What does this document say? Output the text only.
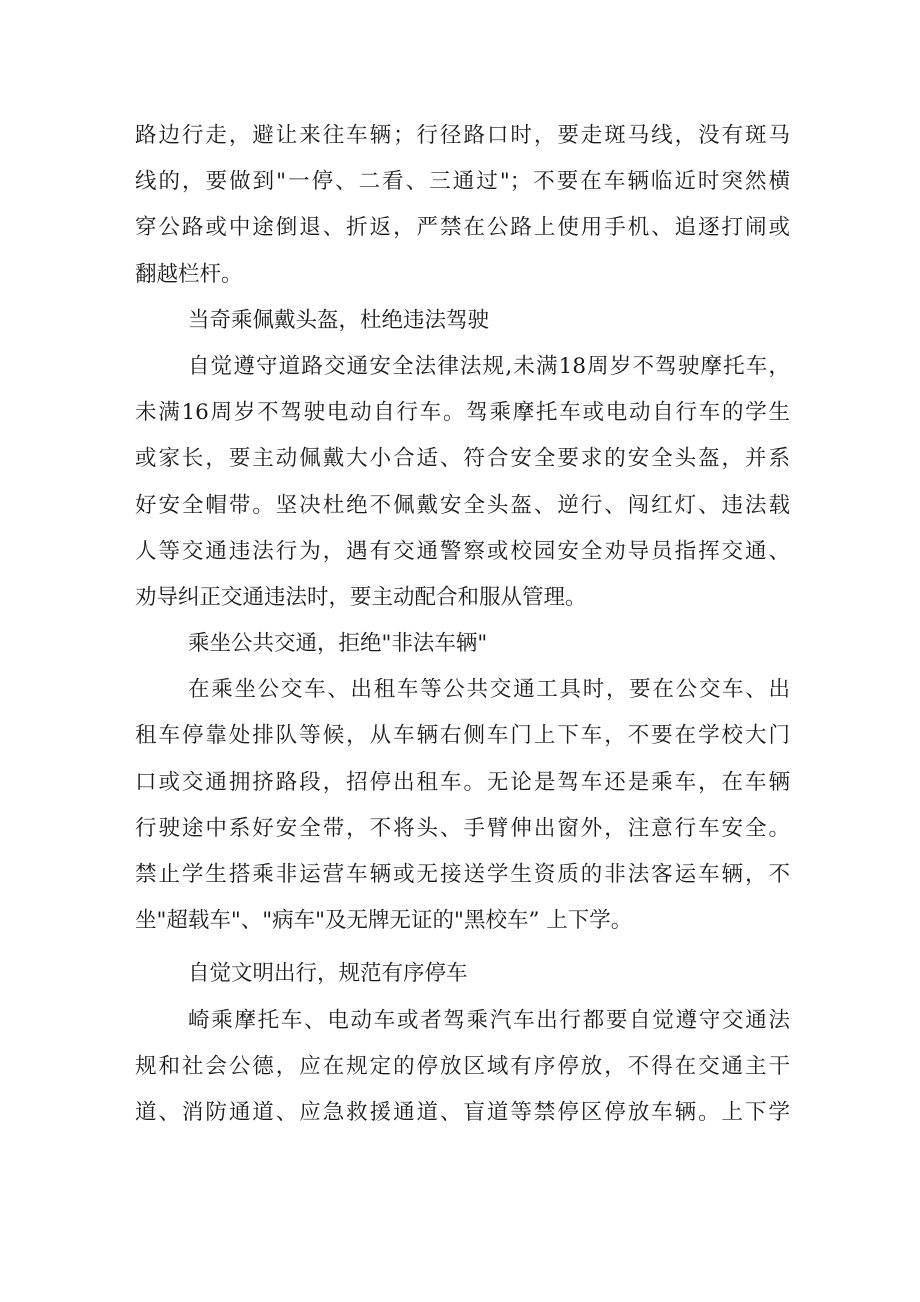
路边行走，避让来往车辆；行径路口时，要走斑马线，没有斑马
线的，要做到"一停、二看、三通过"；不要在车辆临近时突然横
穿公路或中途倒退、折返，严禁在公路上使用手机、追逐打闹或
翻越栏杆。
当奇乘佩戴头盔，杜绝违法驾驶
自觉遵守道路交通安全法律法规,未满18周岁不驾驶摩托车，
未满16周岁不驾驶电动自行车。驾乘摩托车或电动自行车的学生
或家长，要主动佩戴大小合适、符合安全要求的安全头盔，并系
好安全帽带。坚决杜绝不佩戴安全头盔、逆行、闯红灯、违法载
人等交通违法行为，遇有交通警察或校园安全劝导员指挥交通、
劝导纠正交通违法时，要主动配合和服从管理。
乘坐公共交通，拒绝"非法车辆"
在乘坐公交车、出租车等公共交通工具时，要在公交车、出
租车停靠处排队等候，从车辆右侧车门上下车，不要在学校大门
口或交通拥挤路段，招停出租车。无论是驾车还是乘车，在车辆
行驶途中系好安全带，不将头、手臂伸出窗外，注意行车安全。
禁止学生搭乘非运营车辆或无接送学生资质的非法客运车辆，不
坐"超载车"、"病车"及无牌无证的"黑校车” 上下学。
自觉文明出行，规范有序停车
崎乘摩托车、电动车或者驾乘汽车出行都要自觉遵守交通法
规和社会公德，应在规定的停放区域有序停放，不得在交通主干
道、消防通道、应急救援通道、盲道等禁停区停放车辆。上下学
